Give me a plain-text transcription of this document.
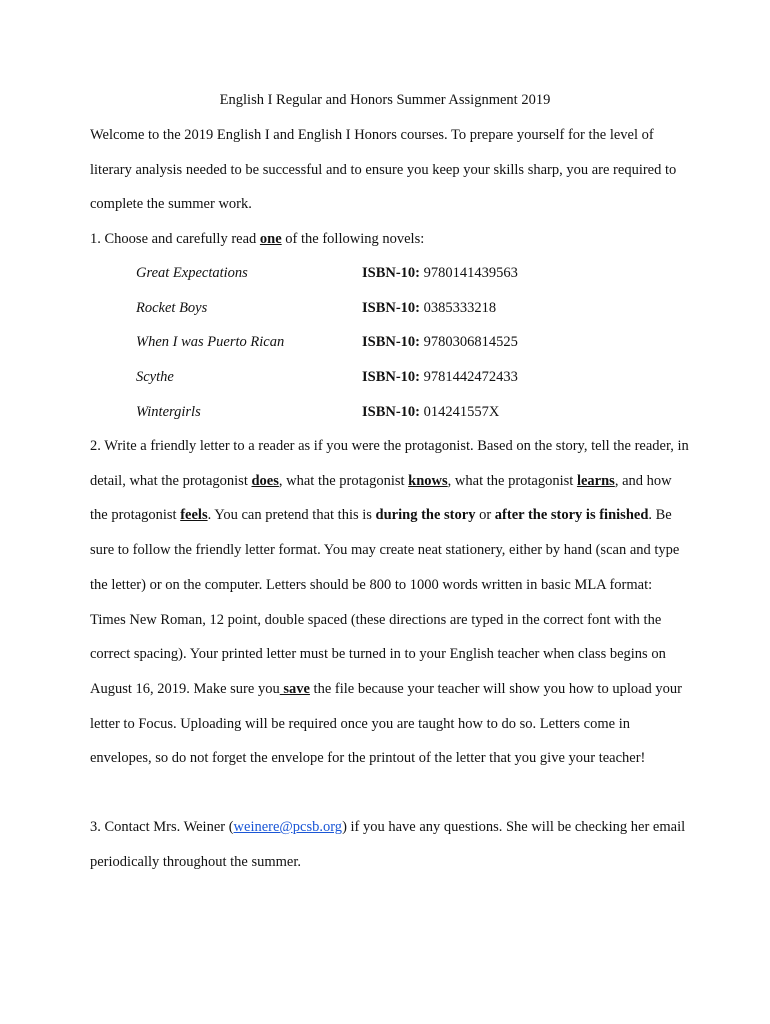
English I Regular and Honors Summer Assignment 2019
Welcome to the 2019 English I and English I Honors courses. To prepare yourself for the level of literary analysis needed to be successful and to ensure you keep your skills sharp, you are required to complete the summer work.
1. Choose and carefully read one of the following novels:
Great Expectations	ISBN-10: 9780141439563
Rocket Boys	ISBN-10: 0385333218
When I was Puerto Rican	ISBN-10: 9780306814525
Scythe	ISBN-10: 9781442472433
Wintergirls	ISBN-10: 014241557X
2. Write a friendly letter to a reader as if you were the protagonist. Based on the story, tell the reader, in detail, what the protagonist does, what the protagonist knows, what the protagonist learns, and how the protagonist feels. You can pretend that this is during the story or after the story is finished. Be sure to follow the friendly letter format. You may create neat stationery, either by hand (scan and type the letter) or on the computer. Letters should be 800 to 1000 words written in basic MLA format: Times New Roman, 12 point, double spaced (these directions are typed in the correct font with the correct spacing). Your printed letter must be turned in to your English teacher when class begins on August 16, 2019. Make sure you save the file because your teacher will show you how to upload your letter to Focus. Uploading will be required once you are taught how to do so. Letters come in envelopes, so do not forget the envelope for the printout of the letter that you give your teacher!
3. Contact Mrs. Weiner (weinere@pcsb.org) if you have any questions. She will be checking her email periodically throughout the summer.
